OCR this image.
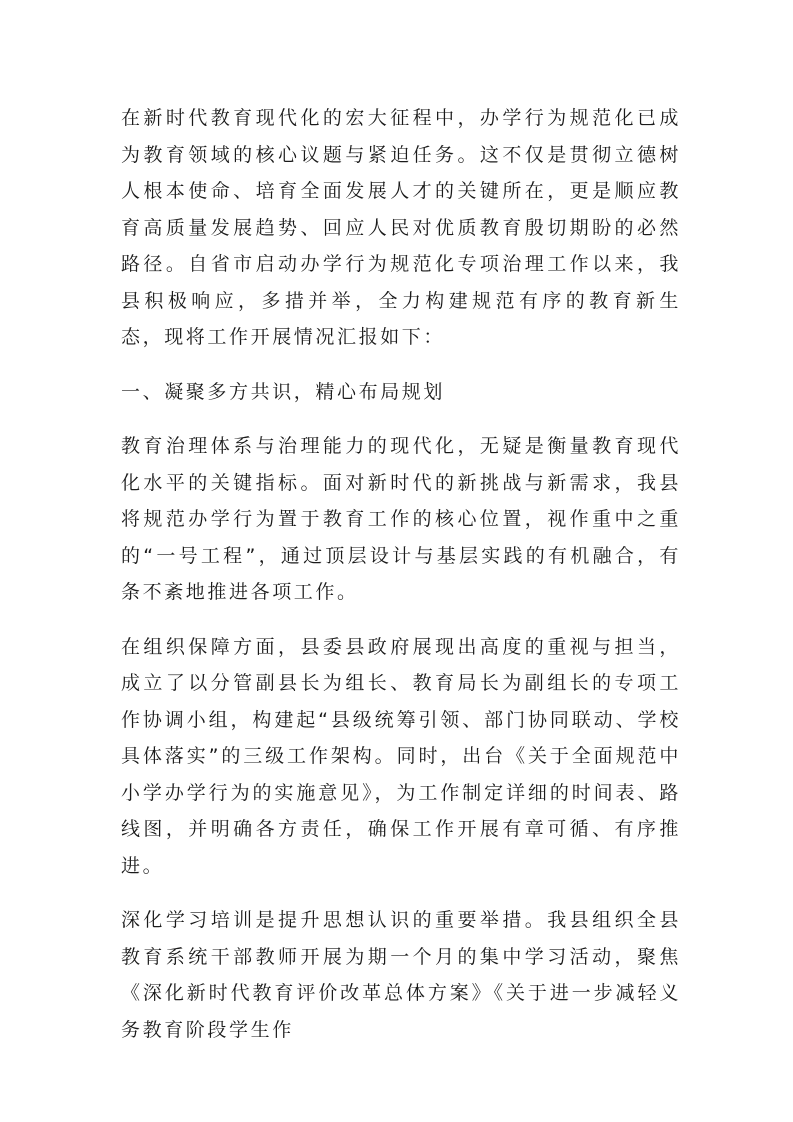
在新时代教育现代化的宏大征程中，办学行为规范化已成为教育领域的核心议题与紧迫任务。这不仅是贯彻立德树人根本使命、培育全面发展人才的关键所在，更是顺应教育高质量发展趋势、回应人民对优质教育殷切期盼的必然路径。自省市启动办学行为规范化专项治理工作以来，我县积极响应，多措并举，全力构建规范有序的教育新生态，现将工作开展情况汇报如下：

一、凝聚多方共识，精心布局规划

教育治理体系与治理能力的现代化，无疑是衡量教育现代化水平的关键指标。面对新时代的新挑战与新需求，我县将规范办学行为置于教育工作的核心位置，视作重中之重的“一号工程”，通过顶层设计与基层实践的有机融合，有条不紊地推进各项工作。

在组织保障方面，县委县政府展现出高度的重视与担当，成立了以分管副县长为组长、教育局长为副组长的专项工作协调小组，构建起“县级统筹引领、部门协同联动、学校具体落实”的三级工作架构。同时，出台《关于全面规范中小学办学行为的实施意见》，为工作制定详细的时间表、路线图，并明确各方责任，确保工作开展有章可循、有序推进。

深化学习培训是提升思想认识的重要举措。我县组织全县教育系统干部教师开展为期一个月的集中学习活动，聚焦《深化新时代教育评价改革总体方案》《关于进一步减轻义务教育阶段学生作
